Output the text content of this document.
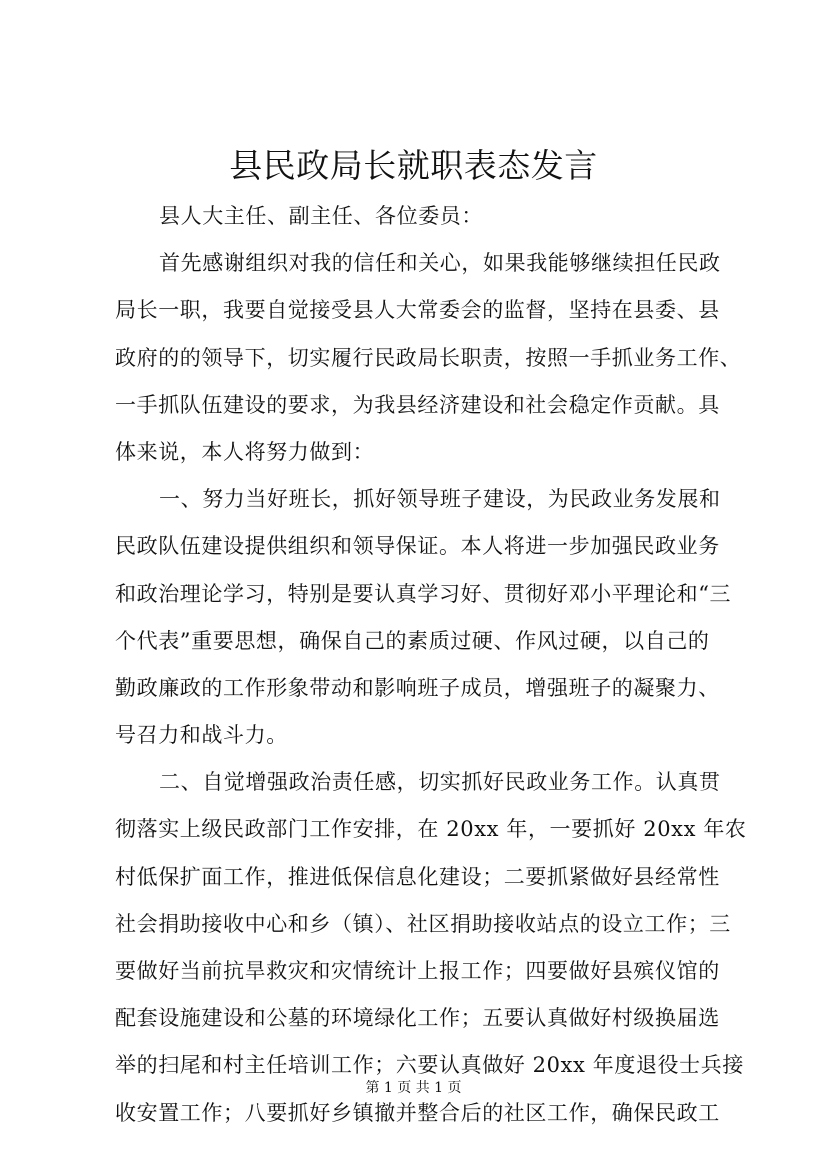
县民政局长就职表态发言
县人大主任、副主任、各位委员：
首先感谢组织对我的信任和关心，如果我能够继续担任民政
局长一职，我要自觉接受县人大常委会的监督，坚持在县委、县
政府的的领导下，切实履行民政局长职责，按照一手抓业务工作、
一手抓队伍建设的要求，为我县经济建设和社会稳定作贡献。具
体来说，本人将努力做到：
一、努力当好班长，抓好领导班子建设，为民政业务发展和
民政队伍建设提供组织和领导保证。本人将进一步加强民政业务
和政治理论学习，特别是要认真学习好、贯彻好邓小平理论和“三
个代表”重要思想，确保自己的素质过硬、作风过硬，以自己的
勤政廉政的工作形象带动和影响班子成员，增强班子的凝聚力、
号召力和战斗力。
二、自觉增强政治责任感，切实抓好民政业务工作。认真贯
彻落实上级民政部门工作安排，在 20xx 年，一要抓好 20xx 年农
村低保扩面工作，推进低保信息化建设；二要抓紧做好县经常性
社会捐助接收中心和乡（镇）、社区捐助接收站点的设立工作；三
要做好当前抗旱救灾和灾情统计上报工作；四要做好县殡仪馆的
配套设施建设和公墓的环境绿化工作；五要认真做好村级换届选
举的扫尾和村主任培训工作；六要认真做好 20xx 年度退役士兵接
收安置工作；八要抓好乡镇撤并整合后的社区工作，确保民政工
第 1 页 共 1 页
